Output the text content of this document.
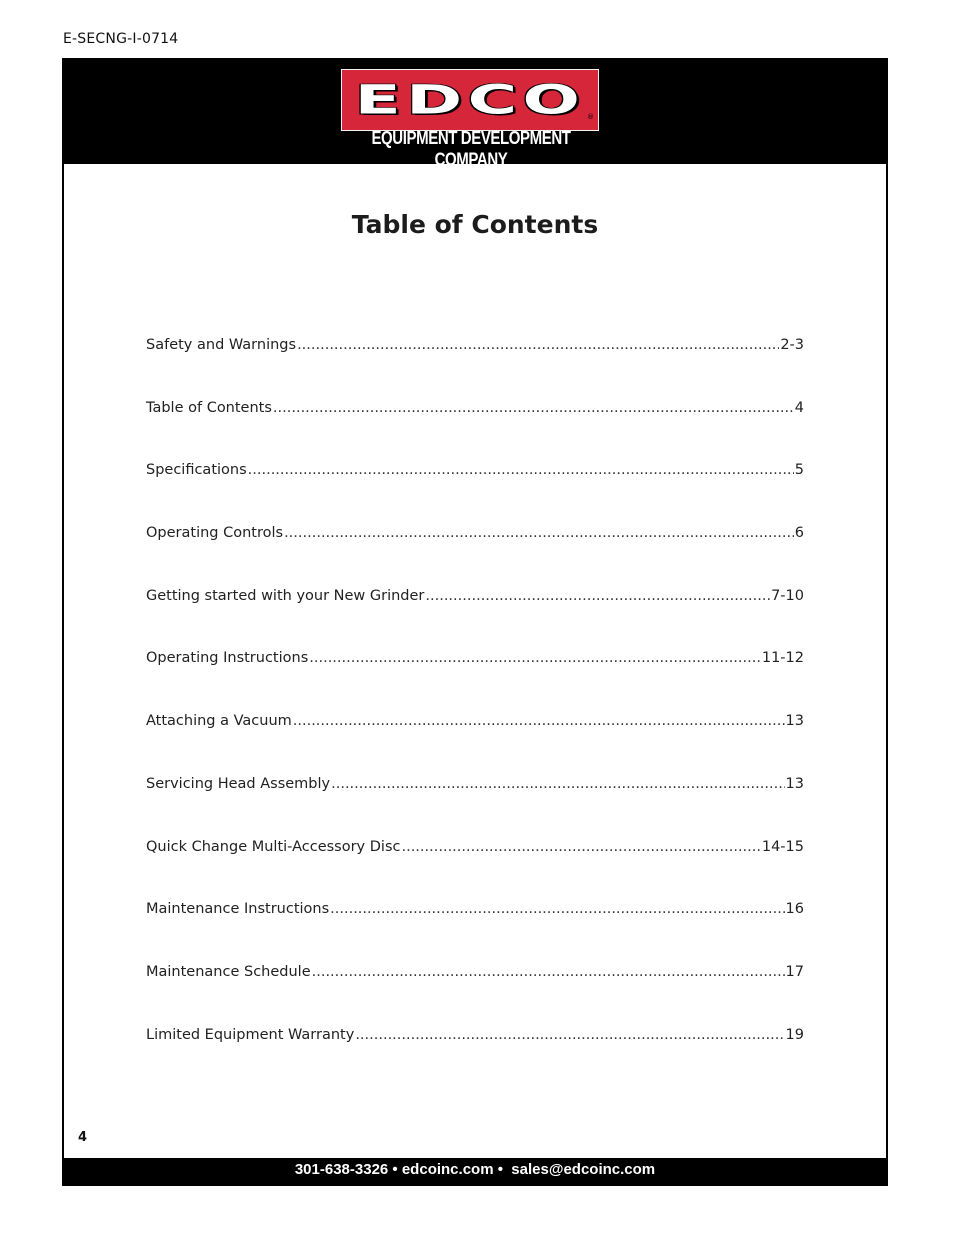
E-SECNG-I-0714
EDCO ®
EQUIPMENT DEVELOPMENT COMPANY
Table of Contents
Safety and Warnings .....	2-3
Table of Contents .....	4
Specifications .....	5
Operating Controls .....	6
Getting started with your New Grinder .....	7-10
Operating Instructions .....	11-12
Attaching a Vacuum .....	13
Servicing Head Assembly .....	13
Quick Change Multi-Accessory Disc .....	14-15
Maintenance Instructions .....	16
Maintenance Schedule .....	17
Limited Equipment Warranty .....	19
4
301-638-3326 • edcoinc.com •  sales@edcoinc.com
